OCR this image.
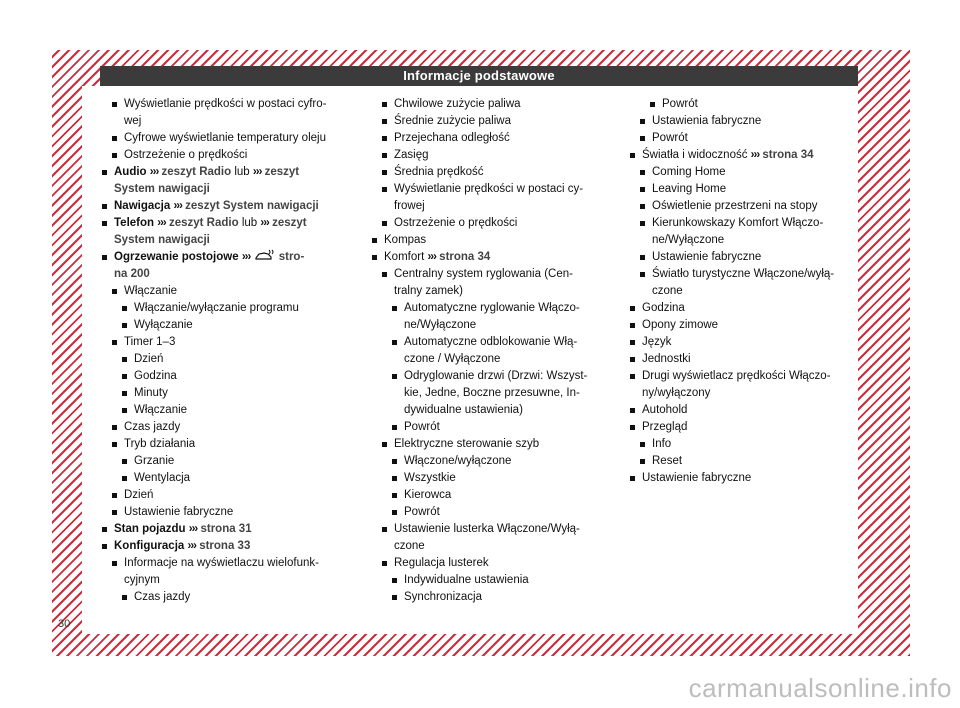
Informacje podstawowe
Wyświetlanie prędkości w postaci cyfro-
wej
Cyfrowe wyświetlanie temperatury oleju
Ostrzeżenie o prędkości
Audio ››› zeszyt Radio lub ››› zeszyt
System nawigacji
Nawigacja ››› zeszyt System nawigacji
Telefon ››› zeszyt Radio lub ››› zeszyt
System nawigacji
Ogrzewanie postojowe ››› stro-
na 200
Włączanie
Włączanie/wyłączanie programu
Wyłączanie
Timer 1–3
Dzień
Godzina
Minuty
Włączanie
Czas jazdy
Tryb działania
Grzanie
Wentylacja
Dzień
Ustawienie fabryczne
Stan pojazdu ››› strona 31
Konfiguracja ››› strona 33
Informacje na wyświetlaczu wielofunk-
cyjnym
Czas jazdy
Chwilowe zużycie paliwa
Średnie zużycie paliwa
Przejechana odległość
Zasięg
Średnia prędkość
Wyświetlanie prędkości w postaci cy-
frowej
Ostrzeżenie o prędkości
Kompas
Komfort ››› strona 34
Centralny system ryglowania (Cen-
tralny zamek)
Automatyczne ryglowanie Włączo-
ne/Wyłączone
Automatyczne odblokowanie Włą-
czone / Wyłączone
Odryglowanie drzwi (Drzwi: Wszyst-
kie, Jedne, Boczne przesuwne, In-
dywidualne ustawienia)
Powrót
Elektryczne sterowanie szyb
Włączone/wyłączone
Wszystkie
Kierowca
Powrót
Ustawienie lusterka Włączone/Wyłą-
czone
Regulacja lusterek
Indywidualne ustawienia
Synchronizacja
Powrót
Ustawienia fabryczne
Powrót
Światła i widoczność ››› strona 34
Coming Home
Leaving Home
Oświetlenie przestrzeni na stopy
Kierunkowskazy Komfort Włączo-
ne/Wyłączone
Ustawienie fabryczne
Światło turystyczne Włączone/wyłą-
czone
Godzina
Opony zimowe
Język
Jednostki
Drugi wyświetlacz prędkości Włączo-
ny/wyłączony
Autohold
Przegląd
Info
Reset
Ustawienie fabryczne
30
carmanualsonline.info
